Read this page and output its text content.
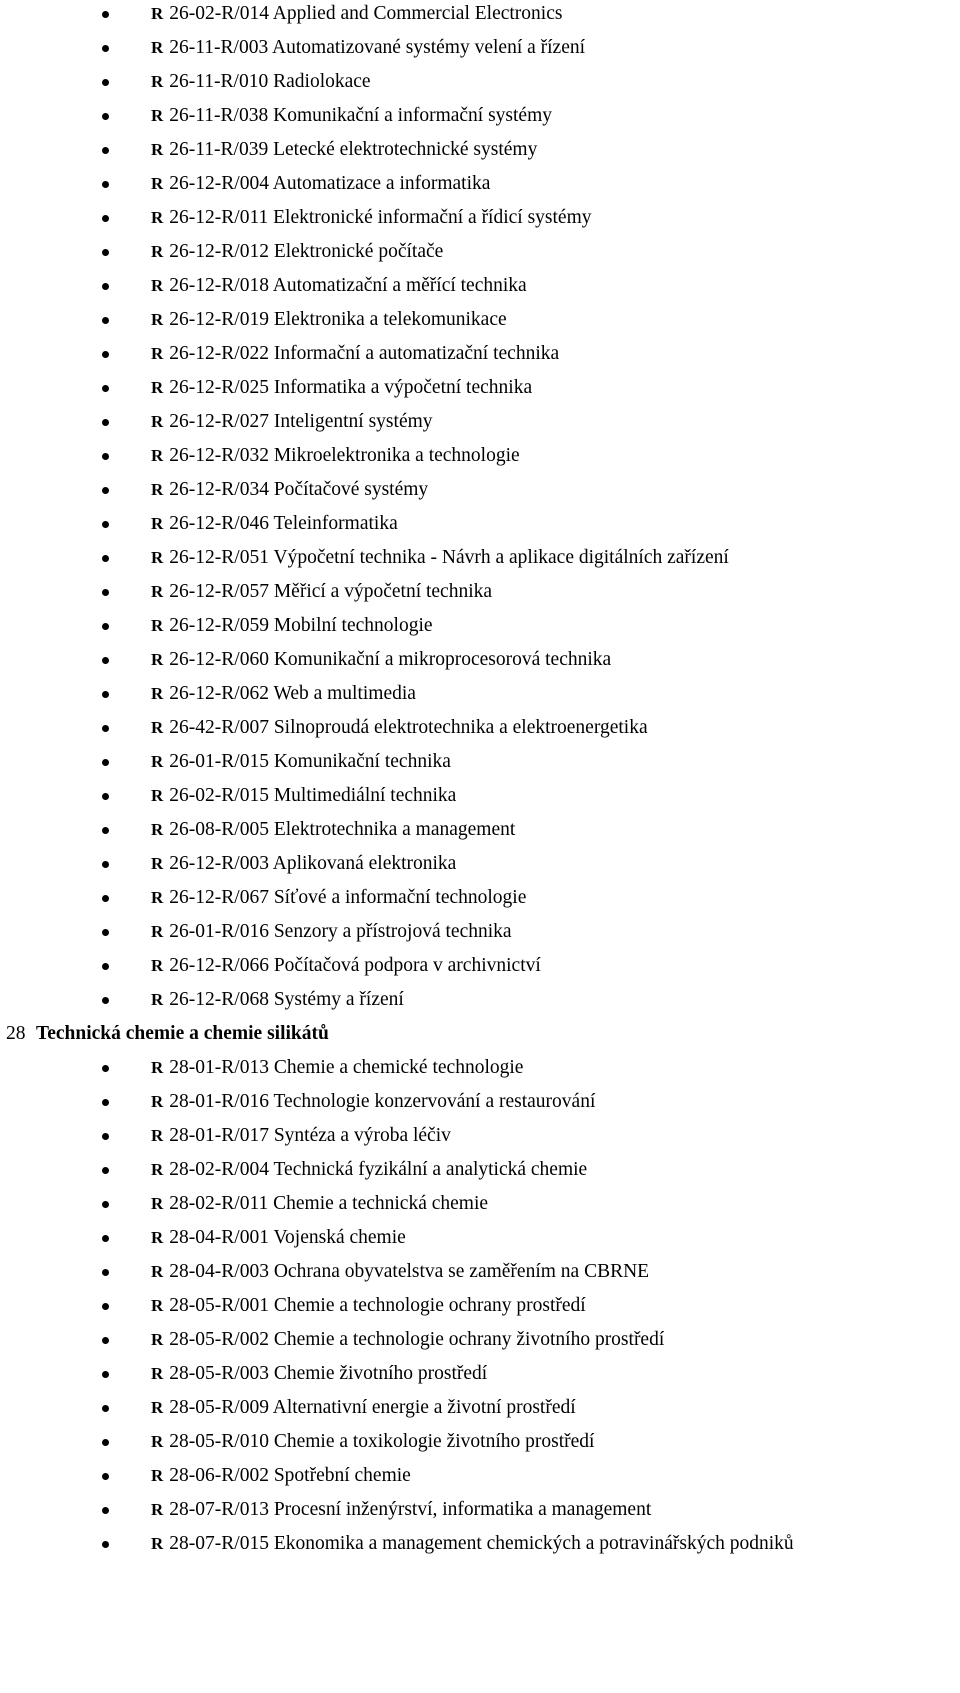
R 26-02-R/014 Applied and Commercial Electronics
R 26-11-R/003 Automatizované systémy velení a řízení
R 26-11-R/010 Radiolokace
R 26-11-R/038 Komunikační a informační systémy
R 26-11-R/039 Letecké elektrotechnické systémy
R 26-12-R/004 Automatizace a informatika
R 26-12-R/011 Elektronické informační a řídicí systémy
R 26-12-R/012 Elektronické počítače
R 26-12-R/018 Automatizační a měřící technika
R 26-12-R/019 Elektronika a telekomunikace
R 26-12-R/022 Informační a automatizační technika
R 26-12-R/025 Informatika a výpočetní technika
R 26-12-R/027 Inteligentní systémy
R 26-12-R/032 Mikroelektronika a technologie
R 26-12-R/034 Počítačové systémy
R 26-12-R/046 Teleinformatika
R 26-12-R/051 Výpočetní technika - Návrh a aplikace digitálních zařízení
R 26-12-R/057 Měřicí a výpočetní technika
R 26-12-R/059 Mobilní technologie
R 26-12-R/060 Komunikační a mikroprocesorová technika
R 26-12-R/062 Web a multimedia
R 26-42-R/007 Silnoproudá elektrotechnika a elektroenergetika
R 26-01-R/015 Komunikační technika
R 26-02-R/015 Multimediální technika
R 26-08-R/005 Elektrotechnika a management
R 26-12-R/003 Aplikovaná elektronika
R 26-12-R/067 Síťové a informační technologie
R 26-01-R/016 Senzory a přístrojová technika
R 26-12-R/066 Počítačová podpora v archivnictví
R 26-12-R/068 Systémy a řízení
28 Technická chemie a chemie silikátů
R 28-01-R/013 Chemie a chemické technologie
R 28-01-R/016 Technologie konzervování a restaurování
R 28-01-R/017 Syntéza a výroba léčiv
R 28-02-R/004 Technická fyzikální a analytická chemie
R 28-02-R/011 Chemie a technická chemie
R 28-04-R/001 Vojenská chemie
R 28-04-R/003 Ochrana obyvatelstva se zaměřením na CBRNE
R 28-05-R/001 Chemie a technologie ochrany prostředí
R 28-05-R/002 Chemie a technologie ochrany životního prostředí
R 28-05-R/003 Chemie životního prostředí
R 28-05-R/009 Alternativní energie a životní prostředí
R 28-05-R/010 Chemie a toxikologie životního prostředí
R 28-06-R/002 Spotřební chemie
R 28-07-R/013 Procesní inženýrství, informatika a management
R 28-07-R/015 Ekonomika a management chemických a potravinářských podniků
